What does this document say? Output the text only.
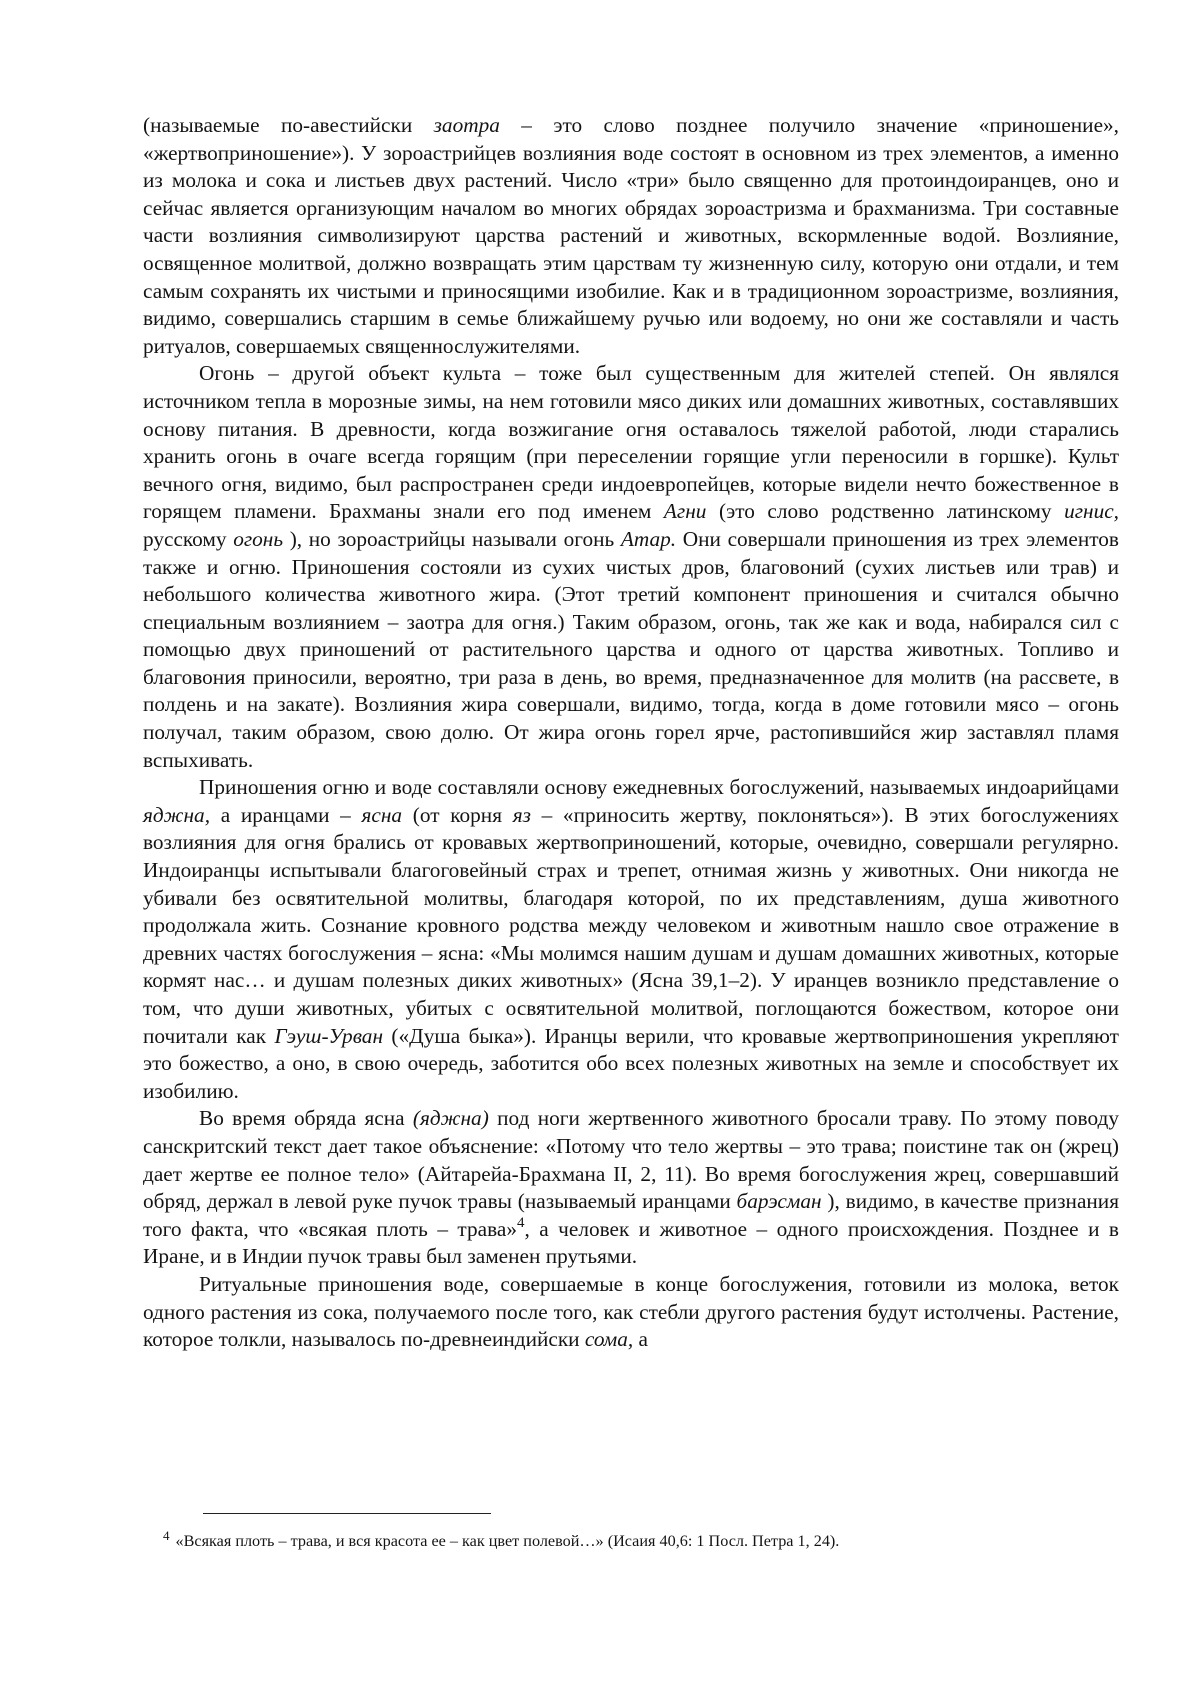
(называемые по-авестийски заотра – это слово позднее получило значение «приношение», «жертвоприношение»). У зороастрийцев возлияния воде состоят в основном из трех элементов, а именно из молока и сока и листьев двух растений. Число «три» было священно для протоиндоиранцев, оно и сейчас является организующим началом во многих обрядах зороастризма и брахманизма. Три составные части возлияния символизируют царства растений и животных, вскормленные водой. Возлияние, освященное молитвой, должно возвращать этим царствам ту жизненную силу, которую они отдали, и тем самым сохранять их чистыми и приносящими изобилие. Как и в традиционном зороастризме, возлияния, видимо, совершались старшим в семье ближайшему ручью или водоему, но они же составляли и часть ритуалов, совершаемых священнослужителями.

Огонь – другой объект культа – тоже был существенным для жителей степей. Он являлся источником тепла в морозные зимы, на нем готовили мясо диких или домашних животных, составлявших основу питания. В древности, когда возжигание огня оставалось тяжелой работой, люди старались хранить огонь в очаге всегда горящим (при переселении горящие угли переносили в горшке). Культ вечного огня, видимо, был распространен среди индоевропейцев, которые видели нечто божественное в горящем пламени. Брахманы знали его под именем Агни (это слово родственно латинскому игнис, русскому огонь ), но зороастрийцы называли огонь Атар. Они совершали приношения из трех элементов также и огню. Приношения состояли из сухих чистых дров, благовоний (сухих листьев или трав) и небольшого количества животного жира. (Этот третий компонент приношения и считался обычно специальным возлиянием – заотра для огня.) Таким образом, огонь, так же как и вода, набирался сил с помощью двух приношений от растительного царства и одного от царства животных. Топливо и благовония приносили, вероятно, три раза в день, во время, предназначенное для молитв (на рассвете, в полдень и на закате). Возлияния жира совершали, видимо, тогда, когда в доме готовили мясо – огонь получал, таким образом, свою долю. От жира огонь горел ярче, растопившийся жир заставлял пламя вспыхивать.

Приношения огню и воде составляли основу ежедневных богослужений, называемых индоарийцами яджна, а иранцами – ясна (от корня яз – «приносить жертву, поклоняться»). В этих богослужениях возлияния для огня брались от кровавых жертвоприношений, которые, очевидно, совершали регулярно. Индоиранцы испытывали благоговейный страх и трепет, отнимая жизнь у животных. Они никогда не убивали без освятительной молитвы, благодаря которой, по их представлениям, душа животного продолжала жить. Сознание кровного родства между человеком и животным нашло свое отражение в древних частях богослужения – ясна: «Мы молимся нашим душам и душам домашних животных, которые кормят нас… и душам полезных диких животных» (Ясна 39,1–2). У иранцев возникло представление о том, что души животных, убитых с освятительной молитвой, поглощаются божеством, которое они почитали как Гэуш-Урван («Душа быка»). Иранцы верили, что кровавые жертвоприношения укрепляют это божество, а оно, в свою очередь, заботится обо всех полезных животных на земле и способствует их изобилию.

Во время обряда ясна (яджна) под ноги жертвенного животного бросали траву. По этому поводу санскритский текст дает такое объяснение: «Потому что тело жертвы – это трава; поистине так он (жрец) дает жертве ее полное тело» (Айтарейа-Брахмана II, 2, 11). Во время богослужения жрец, совершавший обряд, держал в левой руке пучок травы (называемый иранцами барэсман ), видимо, в качестве признания того факта, что «всякая плоть – трава»4, а человек и животное – одного происхождения. Позднее и в Иране, и в Индии пучок травы был заменен прутьями.

Ритуальные приношения воде, совершаемые в конце богослужения, готовили из молока, веток одного растения из сока, получаемого после того, как стебли другого растения будут истолчены. Растение, которое толкли, называлось по-древнеиндийски сома, а

4 «Всякая плоть – трава, и вся красота ее – как цвет полевой…» (Исаия 40,6: 1 Посл. Петра 1, 24).
